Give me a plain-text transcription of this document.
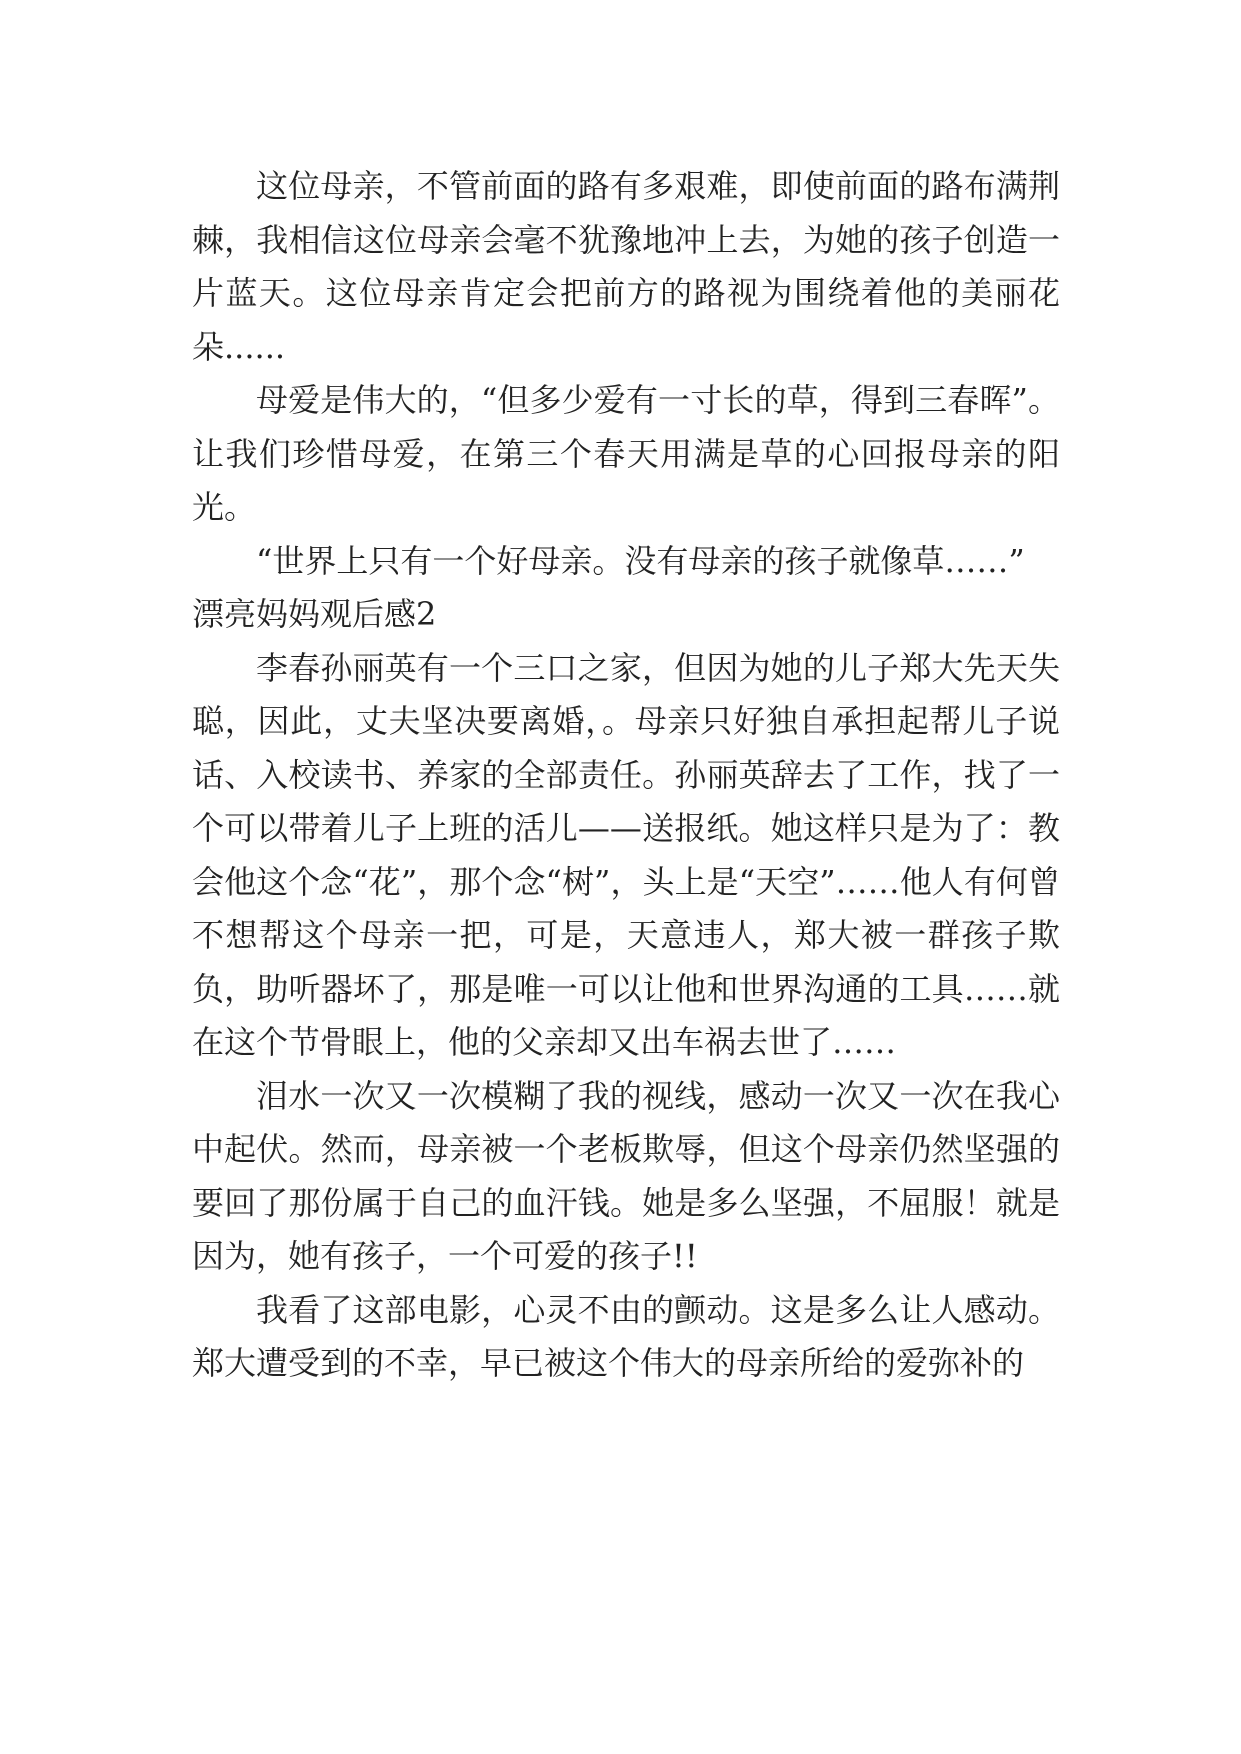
这位母亲，不管前面的路有多艰难，即使前面的路布满荆棘，我相信这位母亲会毫不犹豫地冲上去，为她的孩子创造一片蓝天。这位母亲肯定会把前方的路视为围绕着他的美丽花朵......

母爱是伟大的，“但多少爱有一寸长的草，得到三春晖”。让我们珍惜母爱，在第三个春天用满是草的心回报母亲的阳光。

“世界上只有一个好母亲。没有母亲的孩子就像草……”

漂亮妈妈观后感2

李春孙丽英有一个三口之家，但因为她的儿子郑大先天失聪，因此，丈夫坚决要离婚，。母亲只好独自承担起帮儿子说话、入校读书、养家的全部责任。孙丽英辞去了工作，找了一个可以带着儿子上班的活儿——送报纸。她这样只是为了：教会他这个念“花”，那个念“树”，头上是“天空”……他人有何曾不想帮这个母亲一把，可是，天意违人，郑大被一群孩子欺负，助听器坏了，那是唯一可以让他和世界沟通的工具……就在这个节骨眼上，他的父亲却又出车祸去世了……

泪水一次又一次模糊了我的视线，感动一次又一次在我心中起伏。然而，母亲被一个老板欺辱，但这个母亲仍然坚强的要回了那份属于自己的血汗钱。她是多么坚强，不屈服！就是因为，她有孩子，一个可爱的孩子!!

我看了这部电影，心灵不由的颤动。这是多么让人感动。郑大遭受到的不幸，早已被这个伟大的母亲所给的爱弥补的
